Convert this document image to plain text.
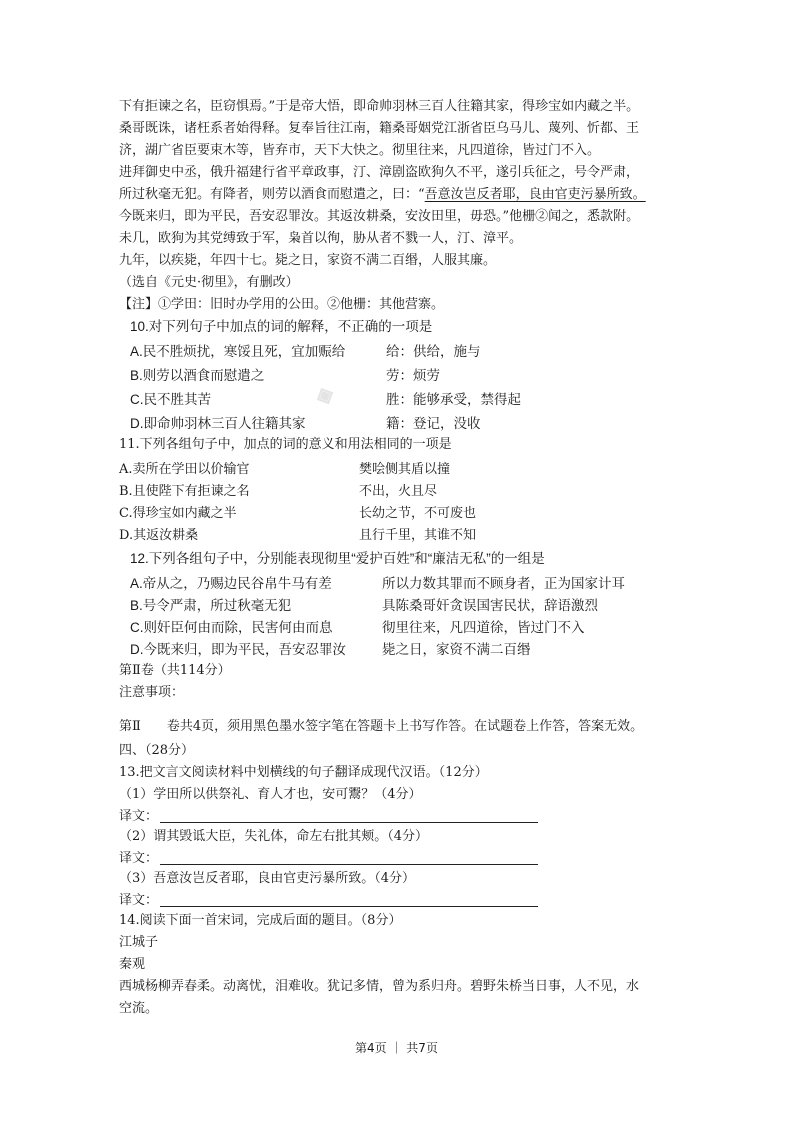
下有拒谏之名，臣窃惧焉。”于是帝大悟，即命帅羽林三百人往籍其家，得珍宝如内藏之半。
桑哥既诛，诸枉系者始得释。复奉旨往江南，籍桑哥姻党江浙省臣乌马儿、蔑列、忻都、王
济，湖广省臣要束木等，皆弃市，天下大快之。彻里往来，凡四道徐，皆过门不入。
进拜御史中丞，俄升福建行省平章政事，汀、漳剧盗欧狗久不平，遂引兵征之，号令严肃，
所过秋毫无犯。有降者，则劳以酒食而慰遣之，曰：“吾意汝岂反者耶，良由官吏污暴所致。
今既来归，即为平民，吾安忍罪汝。其返汝耕桑，安汝田里，毋恐。”他栅②闻之，悉款附。
未几，欧狗为其党缚致于军，枭首以徇，胁从者不戮一人，汀、漳平。
九年，以疾毙，年四十七。毙之日，家资不满二百缗，人服其廉。
（选自《元史·彻里》，有删改）
【注】①学田：旧时办学用的公田。②他栅：其他营寨。
10.对下列句子中加点的词的解释，不正确的一项是
A.民不胜烦扰，寒馁且死，宜加赈给	给：供给，施与
B.则劳以酒食而慰遣之	劳：烦劳
C.民不胜其苦	胜：能够承受，禁得起
D.即命帅羽林三百人往籍其家	籍：登记，没收
◈
11.下列各组句子中，加点的词的意义和用法相同的一项是
A.卖所在学田以价输官	樊哙侧其盾以撞
B.且使陛下有拒谏之名	不出，火且尽
C.得珍宝如内藏之半	长幼之节，不可废也
D.其返汝耕桑	且行千里，其谁不知
12.下列各组句子中，分别能表现彻里“爱护百姓”和“廉洁无私”的一组是
A.帝从之，乃赐边民谷帛牛马有差	所以力数其罪而不顾身者，正为国家计耳
B.号令严肃，所过秋毫无犯	具陈桑哥奸贪误国害民状，辞语激烈
C.则奸臣何由而除，民害何由而息	彻里往来，凡四道徐，皆过门不入
D.今既来归，即为平民，吾安忍罪汝	毙之日，家资不满二百缗
第Ⅱ卷（共114分）
注意事项：
第Ⅱ　　卷共4页，须用黑色墨水签字笔在答题卡上书写作答。在试题卷上作答，答案无效。
四、（28分）
13.把文言文阅读材料中划横线的句子翻译成现代汉语。（12分）
（1）学田所以供祭礼、育人才也，安可鬻？（4分）
译文：
（2）谓其毁诋大臣，失礼体，命左右批其颊。（4分）
译文：
（3）吾意汝岂反者耶，良由官吏污暴所致。（4分）
译文：
14.阅读下面一首宋词，完成后面的题目。（8分）
江城子
秦观
西城杨柳弄春柔。动离忧，泪难收。犹记多情，曾为系归舟。碧野朱桥当日事，人不见，水
空流。
第4页 ｜ 共7页
